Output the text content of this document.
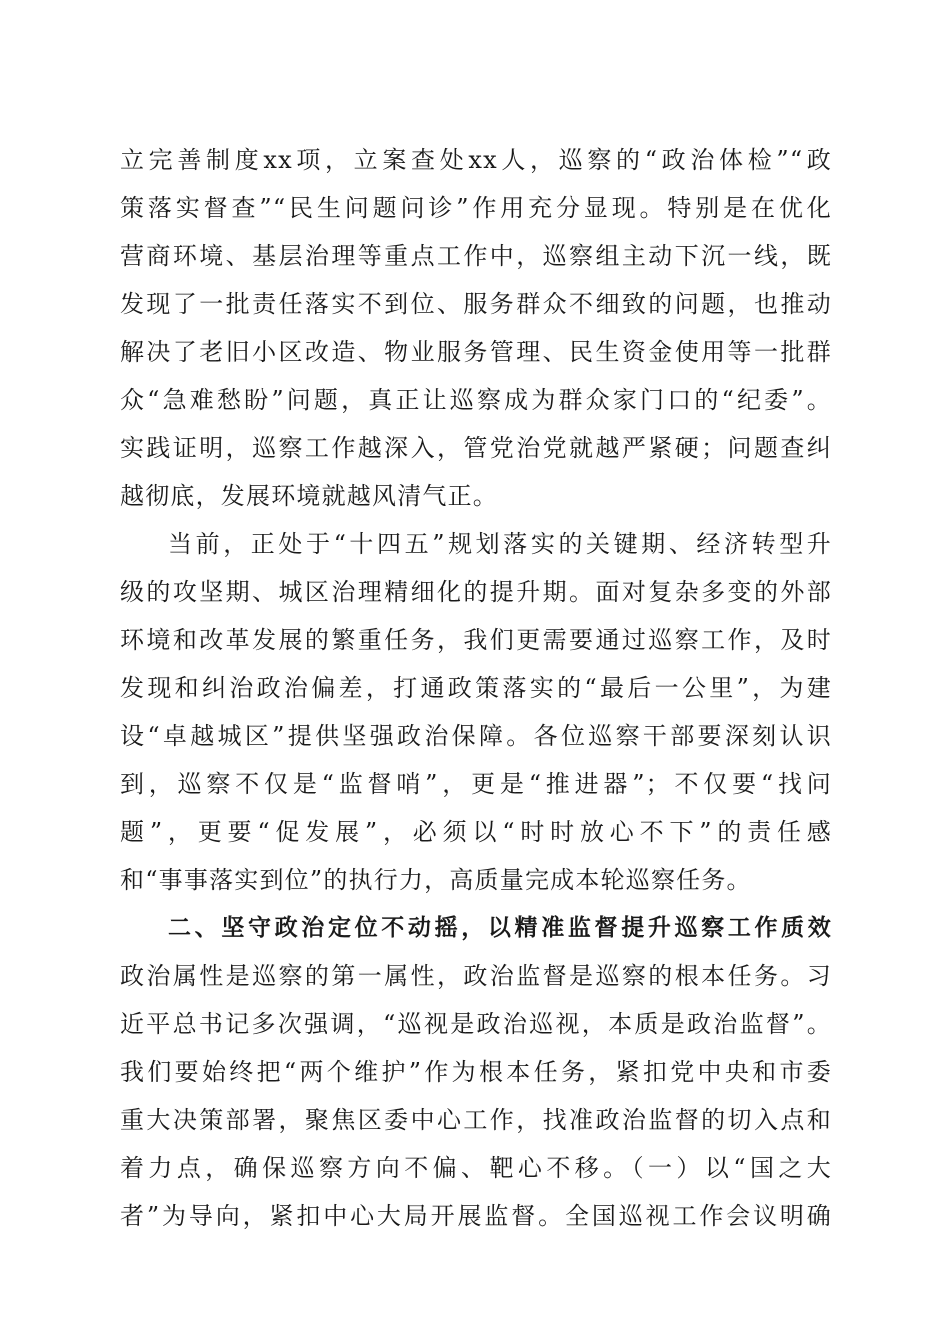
立完善制度xx项，立案查处xx人，巡察的“政治体检”“政
策落实督查”“民生问题问诊”作用充分显现。特别是在优化
营商环境、基层治理等重点工作中，巡察组主动下沉一线，既
发现了一批责任落实不到位、服务群众不细致的问题，也推动
解决了老旧小区改造、物业服务管理、民生资金使用等一批群
众“急难愁盼”问题，真正让巡察成为群众家门口的“纪委”。
实践证明，巡察工作越深入，管党治党就越严紧硬；问题查纠
越彻底，发展环境就越风清气正。
当前，正处于“十四五”规划落实的关键期、经济转型升
级的攻坚期、城区治理精细化的提升期。面对复杂多变的外部
环境和改革发展的繁重任务，我们更需要通过巡察工作，及时
发现和纠治政治偏差，打通政策落实的“最后一公里”，为建
设“卓越城区”提供坚强政治保障。各位巡察干部要深刻认识
到，巡察不仅是“监督哨”，更是“推进器”；不仅要“找问
题”，更要“促发展”，必须以“时时放心不下”的责任感
和“事事落实到位”的执行力，高质量完成本轮巡察任务。
二、坚守政治定位不动摇，以精准监督提升巡察工作质效
政治属性是巡察的第一属性，政治监督是巡察的根本任务。习
近平总书记多次强调，“巡视是政治巡视，本质是政治监督”。
我们要始终把“两个维护”作为根本任务，紧扣党中央和市委
重大决策部署，聚焦区委中心工作，找准政治监督的切入点和
着力点，确保巡察方向不偏、靶心不移。（一）以“国之大
者”为导向，紧扣中心大局开展监督。全国巡视工作会议明确
